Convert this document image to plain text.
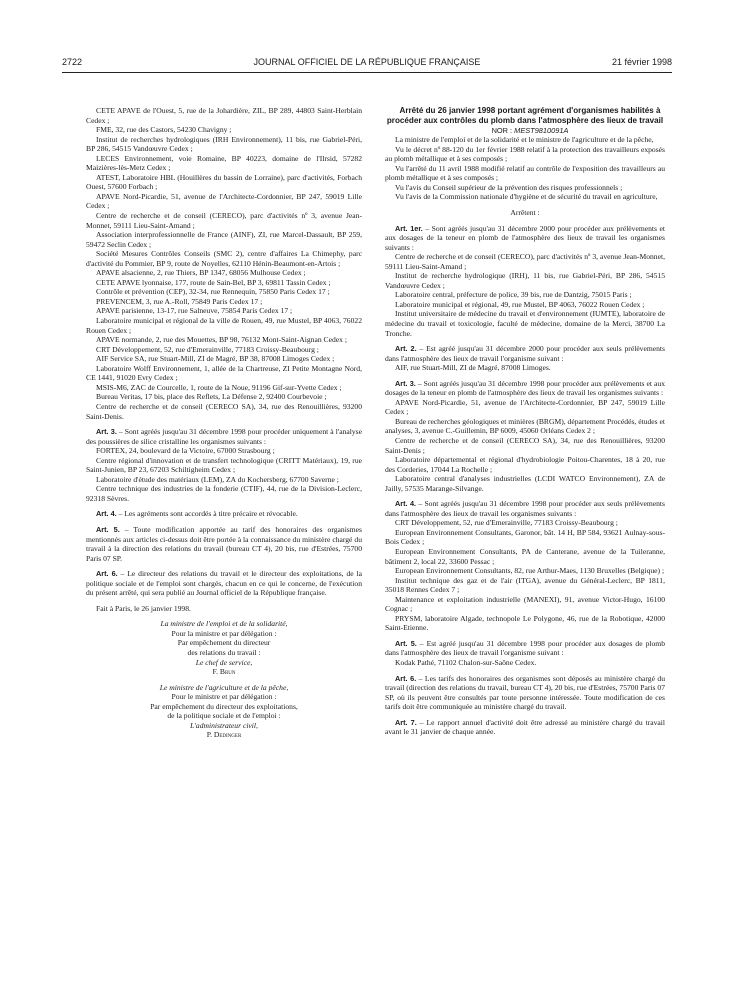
2722	JOURNAL OFFICIEL DE LA RÉPUBLIQUE FRANÇAISE	21 février 1998

CETE APAVE de l'Ouest, 5, rue de la Johardière, ZIL, BP 289, 44803 Saint-Herblain Cedex ;

FME, 32, rue des Castors, 54230 Chavigny ;

Institut de recherches hydrologiques (IRH Environnement), 11 bis, rue Gabriel-Péri, BP 286, 54515 Vandœuvre Cedex ;

LECES Environnement, voie Romaine, BP 40223, domaine de l'Ilrsid, 57282 Maizières-lès-Metz Cedex ;

ATEST, Laboratoire HBL (Houillères du bassin de Lorraine), parc d'activités, Forbach Ouest, 57600 Forbach ;

APAVE Nord-Picardie, 51, avenue de l'Architecte-Cordonnier, BP 247, 59019 Lille Cedex ;

Centre de recherche et de conseil (CERECO), parc d'activités nº 3, avenue Jean-Monnet, 59111 Lieu-Saint-Amand ;

Association interprofessionnelle de France (AINF), ZI, rue Marcel-Dassault, BP 259, 59472 Seclin Cedex ;

Société Mesures Contrôles Conseils (SMC 2), centre d'affaires La Chimephy, parc d'activité du Pommier, BP 9, route de Noyelles, 62110 Hénin-Beaumont-en-Artois ;

APAVE alsacienne, 2, rue Thiers, BP 1347, 68056 Mulhouse Cedex ;

CETE APAVE lyonnaise, 177, route de Sain-Bel, BP 3, 69811 Tassin Cedex ;

Contrôle et prévention (CEP), 32-34, rue Rennequin, 75850 Paris Cedex 17 ;

PREVENCEM, 3, rue A.-Roll, 75849 Paris Cedex 17 ;

APAVE parisienne, 13-17, rue Salneuve, 75854 Paris Cedex 17 ;

Laboratoire municipal et régional de la ville de Rouen, 49, rue Mustel, BP 4063, 76022 Rouen Cedex ;

APAVE normande, 2, rue des Mouettes, BP 98, 76132 Mont-Saint-Aignan Cedex ;

CRT Développement, 52, rue d'Emerainville, 77183 Croissy-Beaubourg ;

AIF Service SA, rue Stuart-Mill, ZI de Magré, BP 38, 87008 Limoges Cedex ;

Laboratoire Wolff Environnement, 1, allée de la Chartreuse, ZI Petite Montagne Nord, CE 1441, 91020 Evry Cedex ;

MSIS-M6, ZAC de Courcelle, 1, route de la Noue, 91196 Gif-sur-Yvette Cedex ;

Bureau Veritas, 17 bis, place des Reflets, La Défense 2, 92400 Courbevoie ;

Centre de recherche et de conseil (CERECO SA), 34, rue des Renouillières, 93200 Saint-Denis.

Art. 3. – Sont agréés jusqu'au 31 décembre 1998 pour procéder uniquement à l'analyse des poussières de silice cristalline les organismes suivants :

FORTEX, 24, boulevard de la Victoire, 67000 Strasbourg ;

Centre régional d'innovation et de transfert technologique (CRITT Matériaux), 19, rue Saint-Junien, BP 23, 67203 Schiltigheim Cedex ;

Laboratoire d'étude des matériaux (LEM), ZA du Kochersberg, 67700 Saverne ;

Centre technique des industries de la fonderie (CTIF), 44, rue de la Division-Leclerc, 92318 Sèvres.

Art. 4. – Les agréments sont accordés à titre précaire et révocable.

Art. 5. – Toute modification apportée au tarif des honoraires des organismes mentionnés aux articles ci-dessus doit être portée à la connaissance du ministère chargé du travail à la direction des relations du travail (bureau CT 4), 20 bis, rue d'Estrées, 75700 Paris 07 SP.

Art. 6. – Le directeur des relations du travail et le directeur des exploitations, de la politique sociale et de l'emploi sont chargés, chacun en ce qui le concerne, de l'exécution du présent arrêté, qui sera publié au Journal officiel de la République française.

Fait à Paris, le 26 janvier 1998.

La ministre de l'emploi et de la solidarité,

Pour la ministre et par délégation :

Par empêchement du directeur

des relations du travail :

Le chef de service,

F. Brun

Le ministre de l'agriculture et de la pêche,

Pour le ministre et par délégation :

Par empêchement du directeur des exploitations,

de la politique sociale et de l'emploi :

L'administrateur civil,

P. Dedinger

Arrêté du 26 janvier 1998 portant agrément d'organismes habilités à procéder aux contrôles du plomb dans l'atmosphère des lieux de travail

NOR : MEST9810091A

La ministre de l'emploi et de la solidarité et le ministre de l'agriculture et de la pêche,

Vu le décret nº 88-120 du 1er février 1988 relatif à la protection des travailleurs exposés au plomb métallique et à ses composés ;

Vu l'arrêté du 11 avril 1988 modifié relatif au contrôle de l'exposition des travailleurs au plomb métallique et à ses composés ;

Vu l'avis du Conseil supérieur de la prévention des risques professionnels ;

Vu l'avis de la Commission nationale d'hygiène et de sécurité du travail en agriculture,

Arrêtent :

Art. 1er. – Sont agréés jusqu'au 31 décembre 2000 pour procéder aux prélèvements et aux dosages de la teneur en plomb de l'atmosphère des lieux de travail les organismes suivants :

Centre de recherche et de conseil (CERECO), parc d'activités nº 3, avenue Jean-Monnet, 59111 Lieu-Saint-Amand ;

Institut de recherche hydrologique (IRH), 11 bis, rue Gabriel-Péri, BP 286, 54515 Vandœuvre Cedex ;

Laboratoire central, préfecture de police, 39 bis, rue de Dantzig, 75015 Paris ;

Laboratoire municipal et régional, 49, rue Mustel, BP 4063, 76022 Rouen Cedex ;

Institut universitaire de médecine du travail et d'environnement (IUMTE), laboratoire de médecine du travail et toxicologie, faculté de médecine, domaine de la Merci, 38700 La Tronche.

Art. 2. – Est agréé jusqu'au 31 décembre 2000 pour procéder aux seuls prélèvements dans l'atmosphère des lieux de travail l'organisme suivant :

AIF, rue Stuart-Mill, ZI de Magré, 87008 Limoges.

Art. 3. – Sont agréés jusqu'au 31 décembre 1998 pour procéder aux prélèvements et aux dosages de la teneur en plomb de l'atmosphère des lieux de travail les organismes suivants :

APAVE Nord-Picardie, 51, avenue de l'Architecte-Cordonnier, BP 247, 59019 Lille Cedex ;

Bureau de recherches géologiques et minières (BRGM), département Procédés, études et analyses, 3, avenue C.-Guillemin, BP 6009, 45060 Orléans Cedex 2 ;

Centre de recherche et de conseil (CERECO SA), 34, rue des Renouillières, 93200 Saint-Denis ;

Laboratoire départemental et régional d'hydrobiologie Poitou-Charentes, 18 à 20, rue des Corderies, 17044 La Rochelle ;

Laboratoire central d'analyses industrielles (LCDI WATCO Environnement), ZA de Jailly, 57535 Marange-Silvange.

Art. 4. – Sont agréés jusqu'au 31 décembre 1998 pour procéder aux seuls prélèvements dans l'atmosphère des lieux de travail les organismes suivants :

CRT Développement, 52, rue d'Emerainville, 77183 Croissy-Beaubourg ;

European Environnement Consultants, Garonor, bât. 14 H, BP 584, 93621 Aulnay-sous-Bois Cedex ;

European Environnement Consultants, PA de Canterane, avenue de la Tuileranne, bâtiment 2, local 22, 33600 Pessac ;

European Environnement Consultants, 82, rue Arthur-Maes, 1130 Bruxelles (Belgique) ;

Institut technique des gaz et de l'air (ITGA), avenue du Général-Leclerc, BP 1811, 35018 Rennes Cedex 7 ;

Maintenance et exploitation industrielle (MANEXI), 91, avenue Victor-Hugo, 16100 Cognac ;

PRYSM, laboratoire Algade, technopole Le Polygone, 46, rue de la Robotique, 42000 Saint-Etienne.

Art. 5. – Est agréé jusqu'au 31 décembre 1998 pour procéder aux dosages de plomb dans l'atmosphère des lieux de travail l'organisme suivant :

Kodak Pathé, 71102 Chalon-sur-Saône Cedex.

Art. 6. – Les tarifs des honoraires des organismes sont déposés au ministère chargé du travail (direction des relations du travail, bureau CT 4), 20 bis, rue d'Estrées, 75700 Paris 07 SP, où ils peuvent être consultés par toute personne intéressée. Toute modification de ces tarifs doit être communiquée au ministère chargé du travail.

Art. 7. – Le rapport annuel d'activité doit être adressé au ministère chargé du travail avant le 31 janvier de chaque année.
